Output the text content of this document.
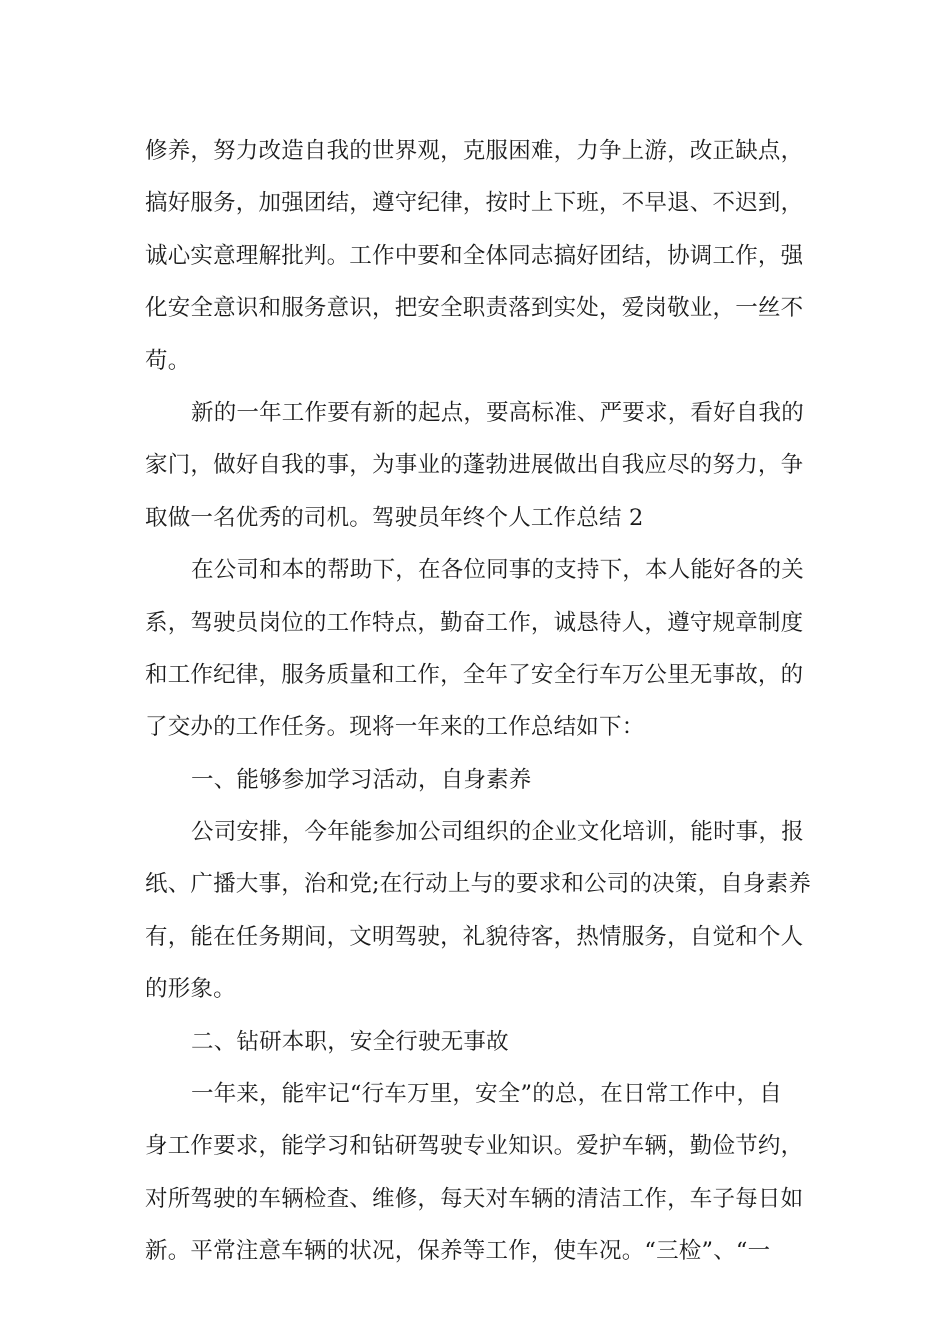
修养，努力改造自我的世界观，克服困难，力争上游，改正缺点，
搞好服务，加强团结，遵守纪律，按时上下班，不早退、不迟到，
诚心实意理解批判。工作中要和全体同志搞好团结，协调工作，强
化安全意识和服务意识，把安全职责落到实处，爱岗敬业，一丝不
苟。
新的一年工作要有新的起点，要高标准、严要求，看好自我的
家门，做好自我的事，为事业的蓬勃进展做出自我应尽的努力，争
取做一名优秀的司机。驾驶员年终个人工作总结 2
在公司和本的帮助下，在各位同事的支持下，本人能好各的关
系，驾驶员岗位的工作特点，勤奋工作，诚恳待人，遵守规章制度
和工作纪律，服务质量和工作，全年了安全行车万公里无事故，的
了交办的工作任务。现将一年来的工作总结如下：
一、能够参加学习活动，自身素养
公司安排，今年能参加公司组织的企业文化培训，能时事，报
纸、广播大事，治和党;在行动上与的要求和公司的决策，自身素养
有，能在任务期间，文明驾驶，礼貌待客，热情服务，自觉和个人
的形象。
二、钻研本职，安全行驶无事故
一年来，能牢记“行车万里，安全”的总，在日常工作中，自
身工作要求，能学习和钻研驾驶专业知识。爱护车辆，勤俭节约，
对所驾驶的车辆检查、维修，每天对车辆的清洁工作，车子每日如
新。平常注意车辆的状况，保养等工作，使车况。“三检”、“一
